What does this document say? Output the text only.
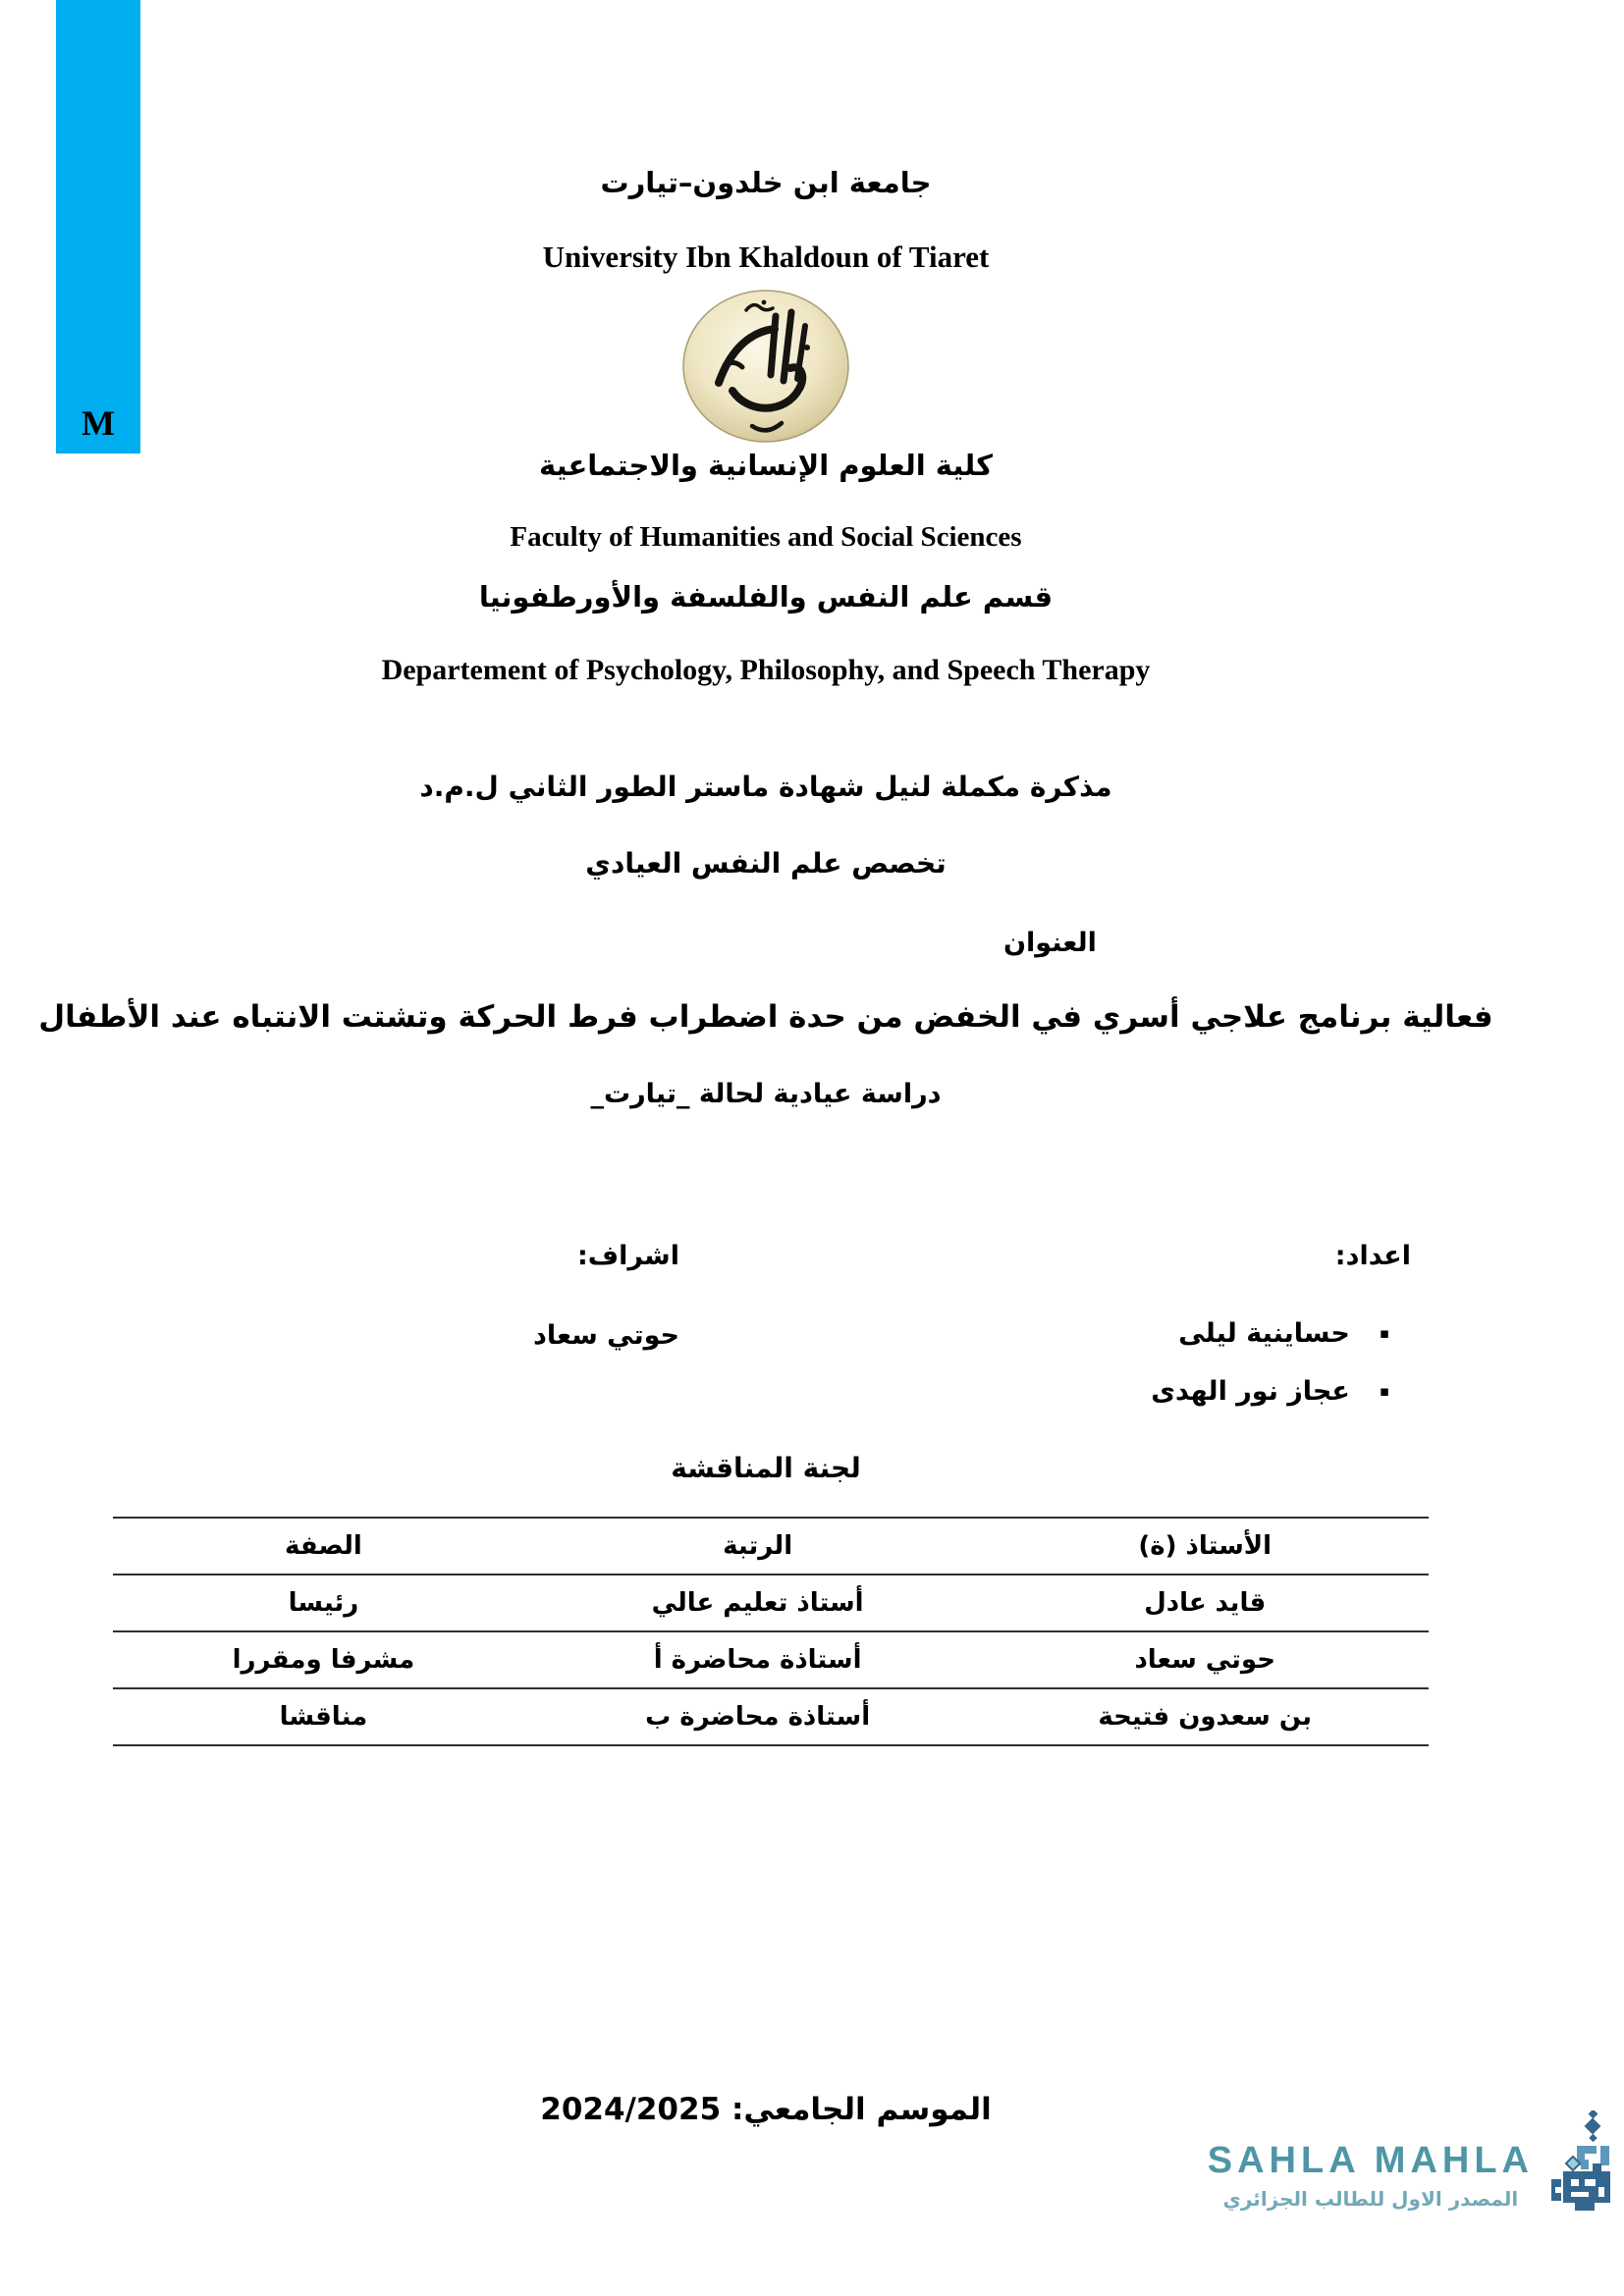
M
جامعة ابن خلدون–تيارت
University Ibn Khaldoun of Tiaret
كلية العلوم الإنسانية والاجتماعية
Faculty of Humanities and Social Sciences
قسم علم النفس والفلسفة والأورطفونيا
Departement of Psychology, Philosophy, and Speech Therapy
مذكرة مكملة لنيل شهادة ماستر الطور الثاني ل.م.د
تخصص علم النفس العيادي
العنوان
فعالية برنامج علاجي أسري في الخفض من حدة اضطراب فرط الحركة وتشتت الانتباه عند الأطفال
دراسة عيادية لحالة _تيارت_
اعداد:
▪
حساينية ليلى
▪
عجاز نور الهدى
اشراف:
حوتي سعاد
لجنة المناقشة
الأستاذ (ة)
الرتبة
الصفة
قايد عادل
أستاذ تعليم عالي
رئيسا
حوتي سعاد
أستاذة محاضرة أ
مشرفا ومقررا
بن سعدون فتيحة
أستاذة محاضرة ب
مناقشا
الموسم الجامعي: 2024/2025
SAHLA MAHLA
المصدر الاول للطالب الجزائري
